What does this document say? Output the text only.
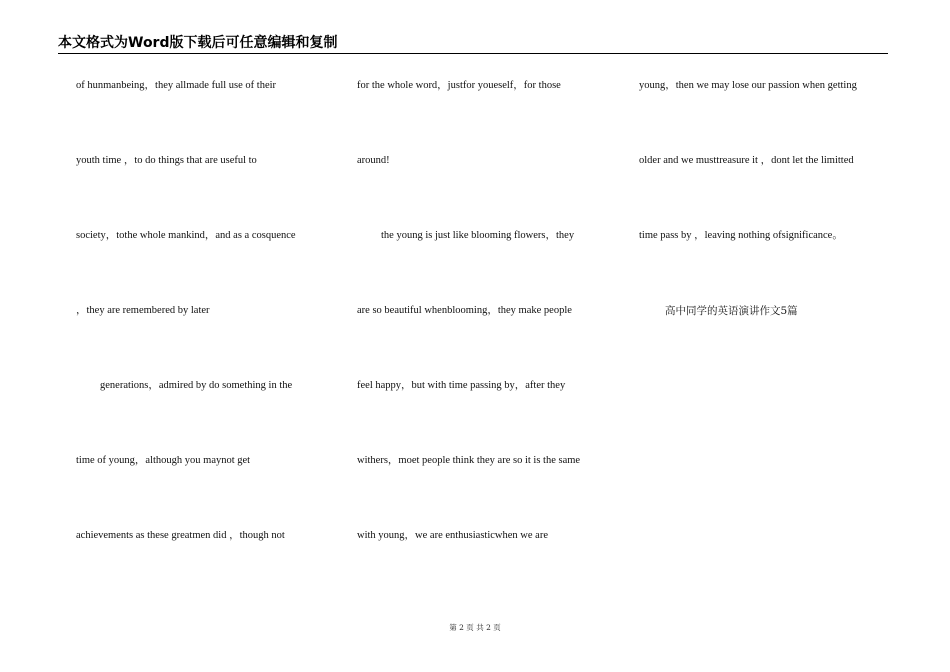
本文格式为Word版下载后可任意编辑和复制
of hunmanbeing，they allmade full use of their
youth time ，to do things that are useful to
society，tothe whole mankind，and as a cosquence
，they are remembered by later
generations，admired by do something in the
time of young，although you maynot get
achievements as these greatmen did ，though not
for the whole word，justfor youeself，for those
around!
the young is just like blooming flowers，they
are so beautiful whenblooming，they make people
feel happy，but with time passing by，after they
withers，moet people think they are so it is the same
with young，we are enthusiasticwhen we are
young，then we may lose our passion when getting
older and we musttreasure it ，dont let the limitted
time pass by ，leaving nothing ofsignificance。
高中同学的英语演讲作文5篇
第 2 页 共 2 页
